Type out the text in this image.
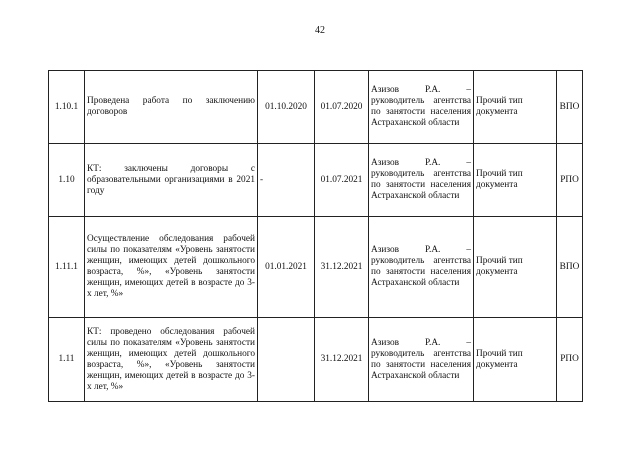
42
1.10.1	Проведена работа по заключению договоров	01.10.2020	01.07.2020	Азизов Р.А. – руководитель агентства по занятости населения Астраханской области	Прочий тип документа	ВПО
1.10	КТ: заключены договоры с образовательными организациями в 2021 году	-	01.07.2021	Азизов Р.А. – руководитель агентства по занятости населения Астраханской области	Прочий тип документа	РПО
1.11.1	Осуществление обследования рабочей силы по показателям «Уровень занятости женщин, имеющих детей дошкольного возраста, %», «Уровень занятости женщин, имеющих детей в возрасте до 3-х лет, %»	01.01.2021	31.12.2021	Азизов Р.А. – руководитель агентства по занятости населения Астраханской области	Прочий тип документа	ВПО
1.11	КТ: проведено обследования рабочей силы по показателям «Уровень занятости женщин, имеющих детей дошкольного возраста, %», «Уровень занятости женщин, имеющих детей в возрасте до 3-х лет, %»		31.12.2021	Азизов Р.А. – руководитель агентства по занятости населения Астраханской области	Прочий тип документа	РПО
